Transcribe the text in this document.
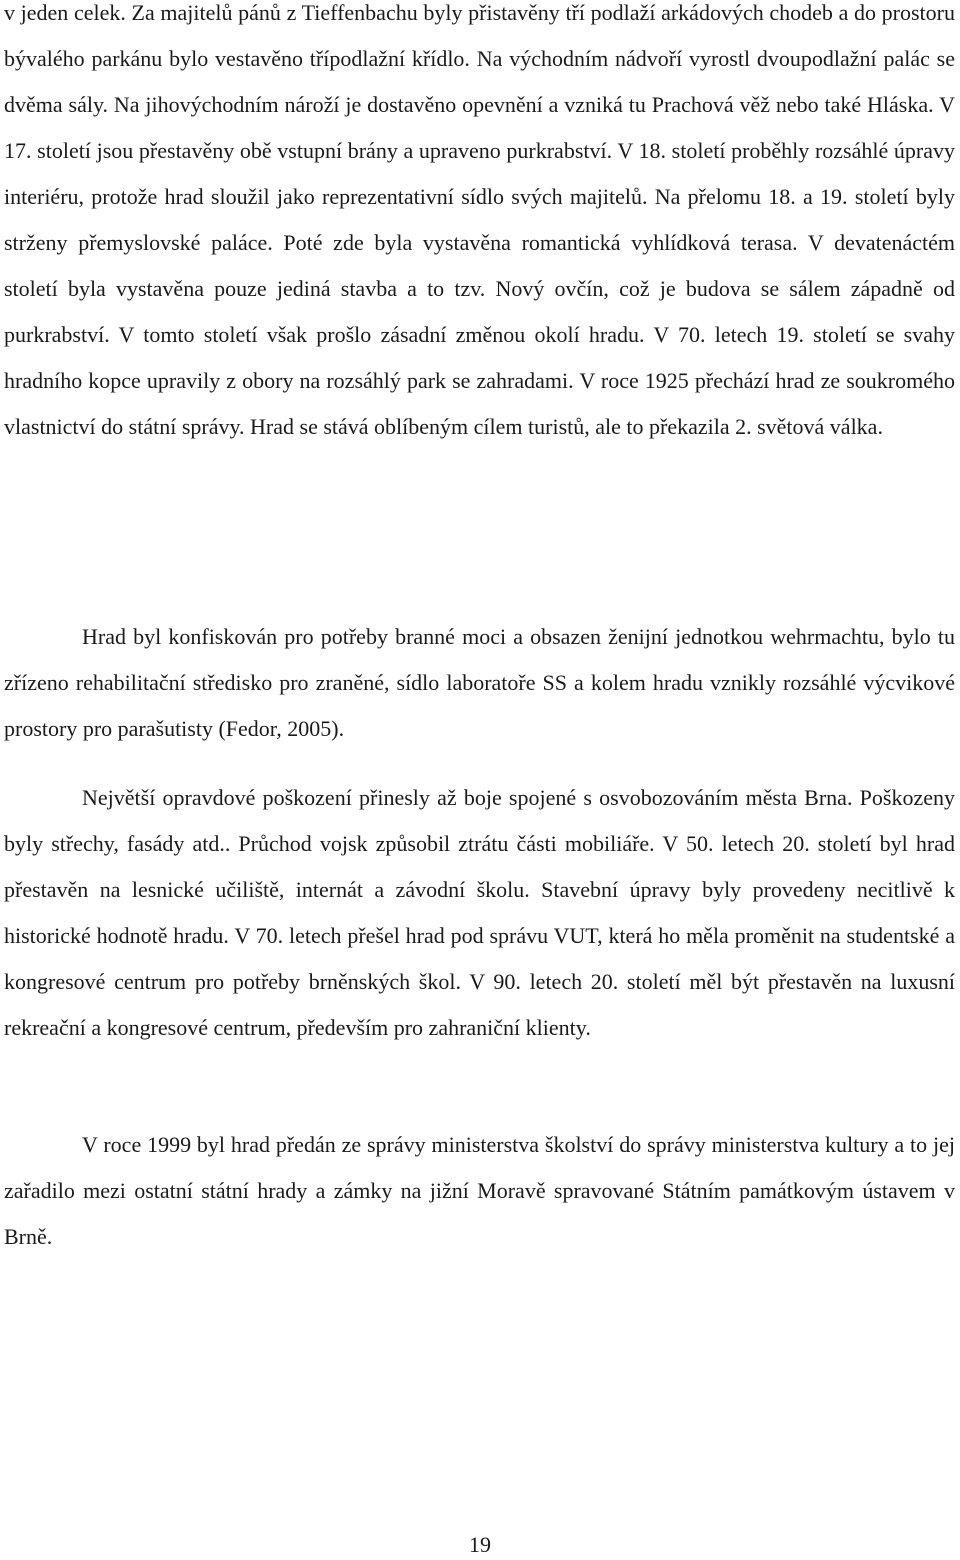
v jeden celek. Za majitelů pánů z Tieffenbachu byly přistavěny tří podlaží arkádových chodeb a do prostoru bývalého parkánu bylo vestavěno třípodlažní křídlo. Na východním nádvoří vyrostl dvoupodlažní palác se dvěma sály. Na jihovýchodním nároží je dostavěno opevnění a vzniká tu Prachová věž nebo také Hláska. V 17. století jsou přestavěny obě vstupní brány a upraveno purkrabství. V 18. století proběhly rozsáhlé úpravy interiéru, protože hrad sloužil jako reprezentativní sídlo svých majitelů. Na přelomu 18. a 19. století byly strženy přemyslovské paláce. Poté zde byla vystavěna romantická vyhlídková terasa. V devatenáctém století byla vystavěna pouze jediná stavba a to tzv. Nový ovčín, což je budova se sálem západně od purkrabství. V tomto století však prošlo zásadní změnou okolí hradu. V 70. letech 19. století se svahy hradního kopce upravily z obory na rozsáhlý park se zahradami. V roce 1925 přechází hrad ze soukromého vlastnictví do státní správy. Hrad se stává oblíbeným cílem turistů, ale to překazila 2. světová válka.

Hrad byl konfiskován pro potřeby branné moci a obsazen ženijní jednotkou wehrmachtu, bylo tu zřízeno rehabilitační středisko pro zraněné, sídlo laboratoře SS a kolem hradu vznikly rozsáhlé výcvikové prostory pro parašutisty (Fedor, 2005).

Největší opravdové poškození přinesly až boje spojené s osvobozováním města Brna. Poškozeny byly střechy, fasády atd.. Průchod vojsk způsobil ztrátu části mobiliáře. V 50. letech 20. století byl hrad přestavěn na lesnické učiliště, internát a závodní školu. Stavební úpravy byly provedeny necitlivě k historické hodnotě hradu. V 70. letech přešel hrad pod správu VUT, která ho měla proměnit na studentské a kongresové centrum pro potřeby brněnských škol. V 90. letech 20. století měl být přestavěn na luxusní rekreační a kongresové centrum, především pro zahraniční klienty.

V roce 1999 byl hrad předán ze správy ministerstva školství do správy ministerstva kultury a to jej zařadilo mezi ostatní státní hrady a zámky na jižní Moravě spravované Státním památkovým ústavem v Brně.

19
